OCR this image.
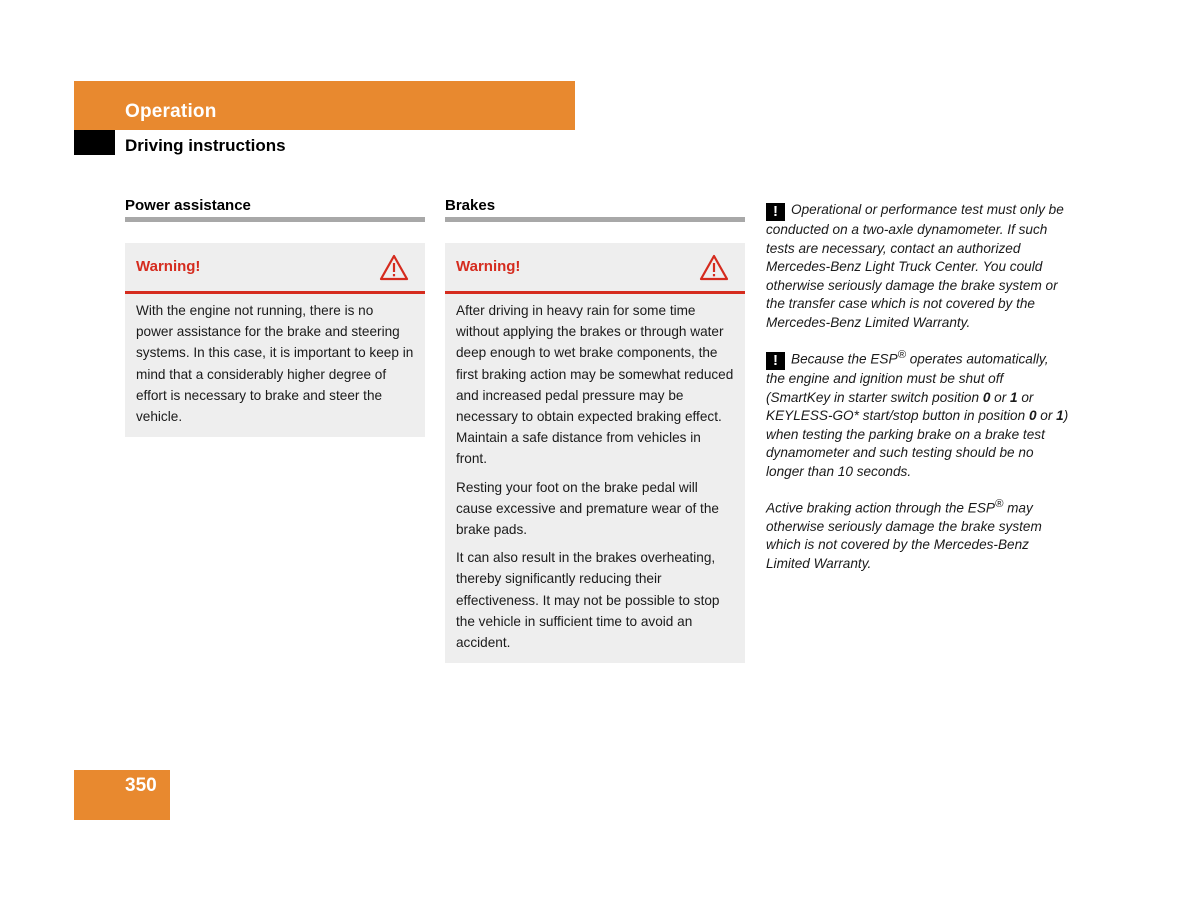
Operation
Driving instructions
Power assistance
Warning!

With the engine not running, there is no power assistance for the brake and steering systems. In this case, it is important to keep in mind that a considerably higher degree of effort is necessary to brake and steer the vehicle.

Brakes
Warning!

After driving in heavy rain for some time without applying the brakes or through water deep enough to wet brake components, the first braking action may be somewhat reduced and increased pedal pressure may be necessary to obtain expected braking effect. Maintain a safe distance from vehicles in front.

Resting your foot on the brake pedal will cause excessive and premature wear of the brake pads.

It can also result in the brakes overheating, thereby significantly reducing their effectiveness. It may not be possible to stop the vehicle in sufficient time to avoid an accident.

! Operational or performance test must only be conducted on a two-axle dynamometer. If such tests are necessary, contact an authorized Mercedes-Benz Light Truck Center. You could otherwise seriously damage the brake system or the transfer case which is not covered by the Mercedes-Benz Limited Warranty.

! Because the ESP® operates automatically, the engine and ignition must be shut off (SmartKey in starter switch position 0 or 1 or KEYLESS-GO* start/stop button in position 0 or 1) when testing the parking brake on a brake test dynamometer and such testing should be no longer than 10 seconds.

Active braking action through the ESP® may otherwise seriously damage the brake system which is not covered by the Mercedes-Benz Limited Warranty.

350
